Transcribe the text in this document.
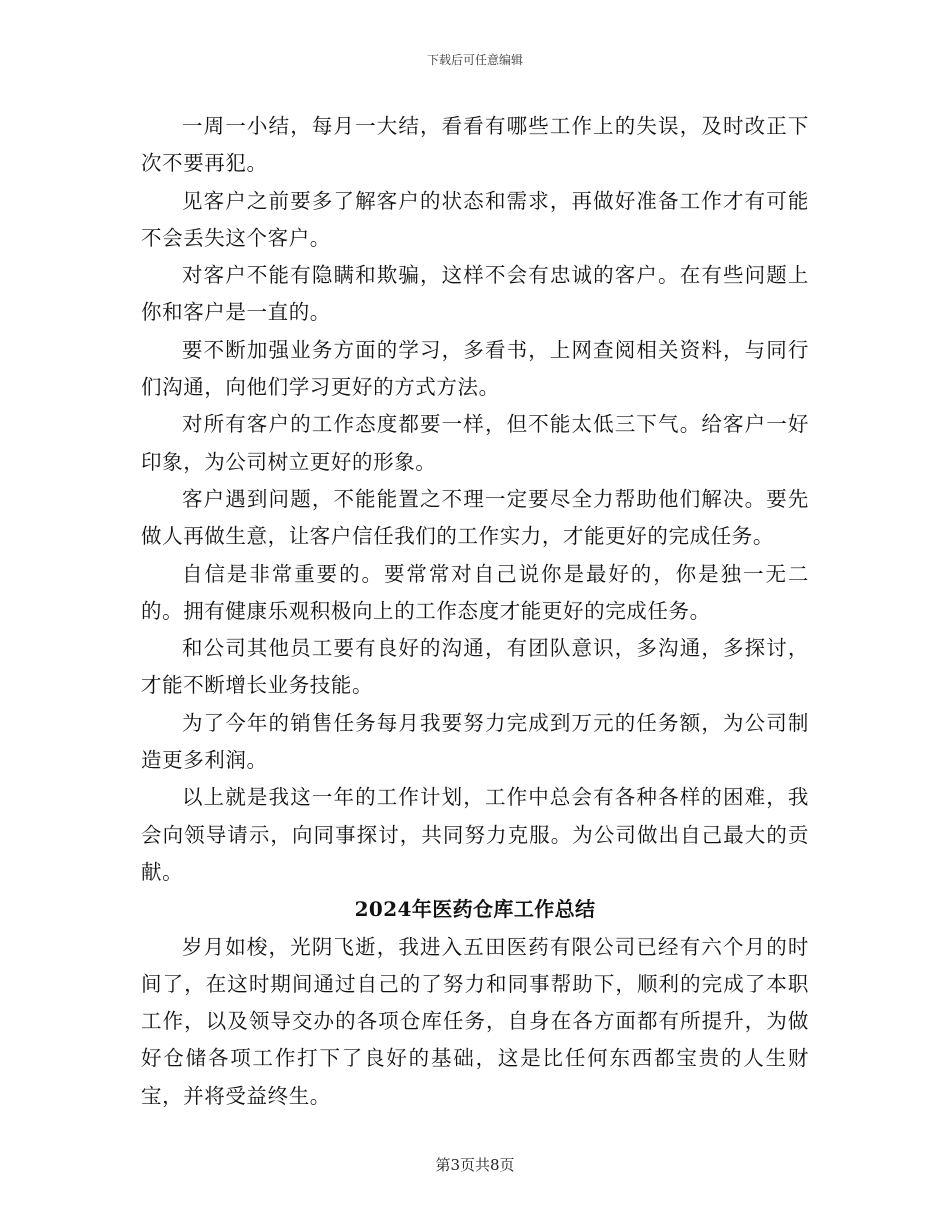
下载后可任意编辑

一周一小结，每月一大结，看看有哪些工作上的失误，及时改正下次不要再犯。

见客户之前要多了解客户的状态和需求，再做好准备工作才有可能不会丢失这个客户。

对客户不能有隐瞒和欺骗，这样不会有忠诚的客户。在有些问题上你和客户是一直的。

要不断加强业务方面的学习，多看书，上网查阅相关资料，与同行们沟通，向他们学习更好的方式方法。

对所有客户的工作态度都要一样，但不能太低三下气。给客户一好印象，为公司树立更好的形象。

客户遇到问题，不能能置之不理一定要尽全力帮助他们解决。要先做人再做生意，让客户信任我们的工作实力，才能更好的完成任务。

自信是非常重要的。要常常对自己说你是最好的，你是独一无二的。拥有健康乐观积极向上的工作态度才能更好的完成任务。

和公司其他员工要有良好的沟通，有团队意识，多沟通，多探讨，才能不断增长业务技能。

为了今年的销售任务每月我要努力完成到万元的任务额，为公司制造更多利润。

以上就是我这一年的工作计划，工作中总会有各种各样的困难，我会向领导请示，向同事探讨，共同努力克服。为公司做出自己最大的贡献。

2024年医药仓库工作总结

岁月如梭，光阴飞逝，我进入五田医药有限公司已经有六个月的时间了，在这时期间通过自己的了努力和同事帮助下，顺利的完成了本职工作，以及领导交办的各项仓库任务，自身在各方面都有所提升，为做好仓储各项工作打下了良好的基础，这是比任何东西都宝贵的人生财宝，并将受益终生。

第3页共8页
